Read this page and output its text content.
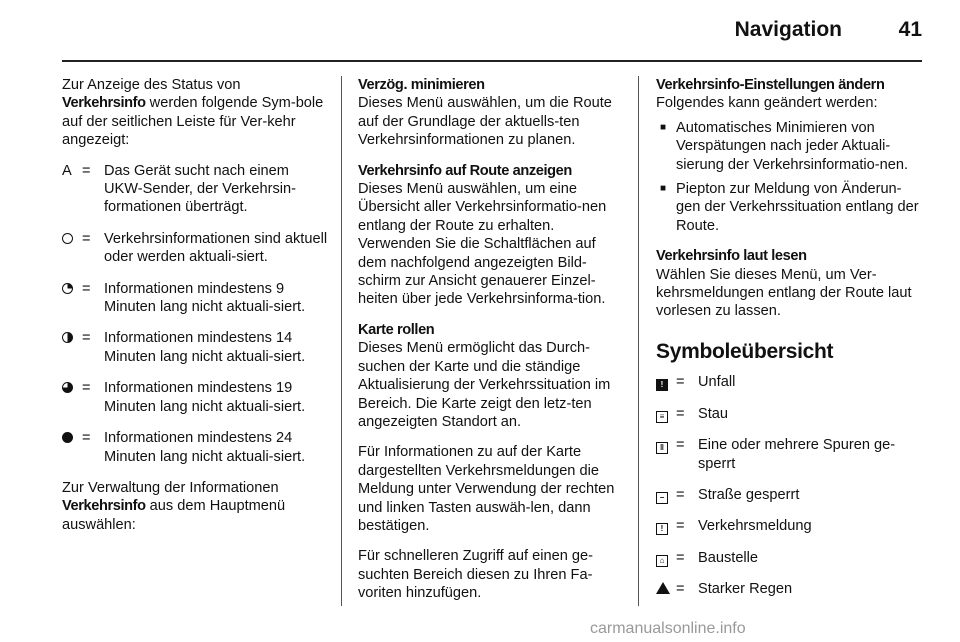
Navigation	41

Zur Anzeige des Status von Verkehrsinfo werden folgende Sym-bole auf der seitlichen Leiste für Ver-kehr angezeigt:

A = Das Gerät sucht nach einem UKW-Sender, der Verkehrsin-formationen überträgt.
= Verkehrsinformationen sind aktuell oder werden aktuali-siert.
= Informationen mindestens 9 Minuten lang nicht aktuali-siert.
= Informationen mindestens 14 Minuten lang nicht aktuali-siert.
= Informationen mindestens 19 Minuten lang nicht aktuali-siert.
= Informationen mindestens 24 Minuten lang nicht aktuali-siert.

Zur Verwaltung der Informationen Verkehrsinfo aus dem Hauptmenü auswählen:

Verzög. minimieren
Dieses Menü auswählen, um die Route auf der Grundlage der aktuells-ten Verkehrsinformationen zu planen.

Verkehrsinfo auf Route anzeigen
Dieses Menü auswählen, um eine Übersicht aller Verkehrsinformatio-nen entlang der Route zu erhalten. Verwenden Sie die Schaltflächen auf dem nachfolgend angezeigten Bild-schirm zur Ansicht genauerer Einzel-heiten über jede Verkehrsinforma-tion.

Karte rollen
Dieses Menü ermöglicht das Durch-suchen der Karte und die ständige Aktualisierung der Verkehrssituation im Bereich. Die Karte zeigt den letz-ten angezeigten Standort an.

Für Informationen zu auf der Karte dargestellten Verkehrsmeldungen die Meldung unter Verwendung der rechten und linken Tasten auswäh-len, dann bestätigen.

Für schnelleren Zugriff auf einen ge-suchten Bereich diesen zu Ihren Fa-voriten hinzufügen.

Verkehrsinfo-Einstellungen ändern
Folgendes kann geändert werden:
■ Automatisches Minimieren von Verspätungen nach jeder Aktuali-sierung der Verkehrsinformatio-nen.
■ Piepton zur Meldung von Änderun-gen der Verkehrssituation entlang der Route.

Verkehrsinfo laut lesen
Wählen Sie dieses Menü, um Ver-kehrsmeldungen entlang der Route laut vorlesen zu lassen.

Symboleübersicht
! = Unfall
≡ = Stau
‖ = Eine oder mehrere Spuren ge-sperrt
− = Straße gesperrt
! = Verkehrsmeldung
⌂ = Baustelle
= Starker Regen
carmanualsonline.info
